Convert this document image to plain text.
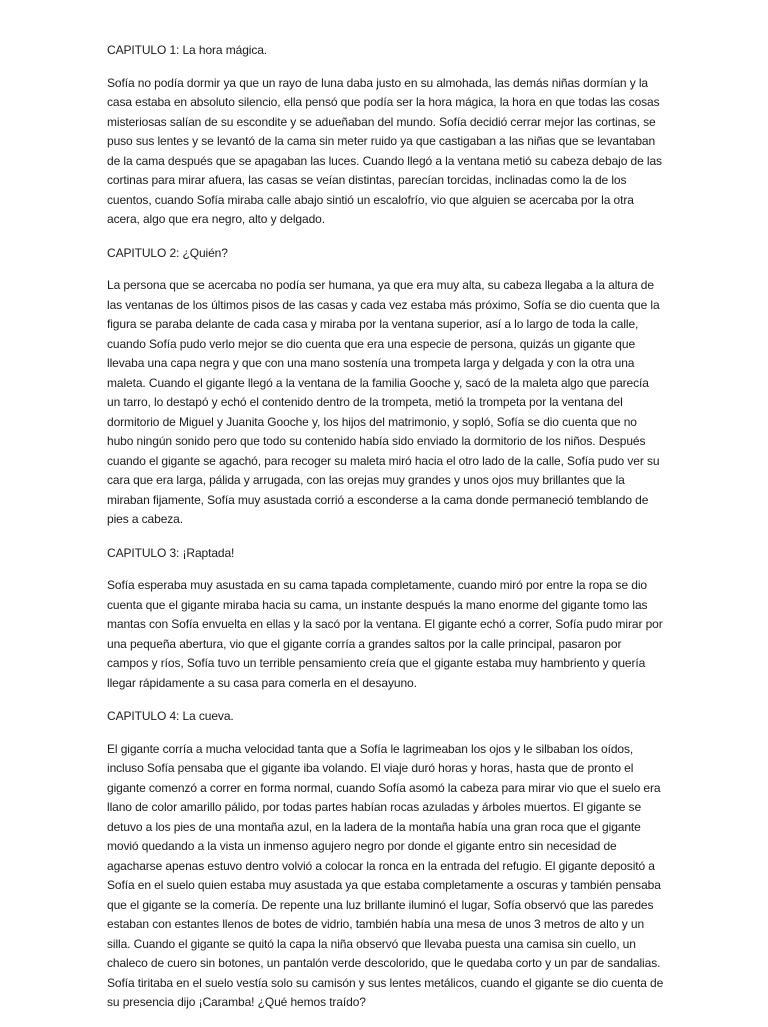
CAPITULO 1: La hora mágica.

Sofía no podía dormir ya que un rayo de luna daba justo en su almohada, las demás niñas dormían y la casa estaba en absoluto silencio, ella pensó que podía ser la hora mágica, la hora en que todas las cosas misteriosas salían de su escondite y se adueñaban del mundo. Sofía decidió cerrar mejor las cortinas, se puso sus lentes y se levantó de la cama sin meter ruido ya que castigaban a las niñas que se levantaban de la cama después que se apagaban las luces. Cuando llegó a la ventana metió su cabeza debajo de las cortinas para mirar afuera, las casas se veían distintas, parecían torcidas, inclinadas como la de los cuentos, cuando Sofía miraba calle abajo sintió un escalofrío, vio que alguien se acercaba por la otra acera, algo que era negro, alto y delgado.

CAPITULO 2: ¿Quién?

La persona que se acercaba no podía ser humana, ya que era muy alta, su cabeza llegaba a la altura de las ventanas de los últimos pisos de las casas y cada vez estaba más próximo, Sofía se dio cuenta que la figura se paraba delante de cada casa y miraba por la ventana superior, así a lo largo de toda la calle, cuando Sofía pudo verlo mejor se dio cuenta que era una especie de persona, quizás un gigante que llevaba una capa negra y que con una mano sostenía una trompeta larga y delgada y con la otra una maleta. Cuando el gigante llegó a la ventana de la familia Gooche y, sacó de la maleta algo que parecía un tarro, lo destapó y echó el contenido dentro de la trompeta, metió la trompeta por la ventana del dormitorio de Miguel y Juanita Gooche y, los hijos del matrimonio, y sopló, Sofía se dio cuenta que no hubo ningún sonido pero que todo su contenido había sido enviado la dormitorio de los niños. Después cuando el gigante se agachó, para recoger su maleta miró hacia el otro lado de la calle, Sofía pudo ver su cara que era larga, pálida y arrugada, con las orejas muy grandes y unos ojos muy brillantes que la miraban fijamente, Sofía muy asustada corrió a esconderse a la cama donde permaneció temblando de pies a cabeza.

CAPITULO 3: ¡Raptada!

Sofía esperaba muy asustada en su cama tapada completamente, cuando miró por entre la ropa se dio cuenta que el gigante miraba hacia su cama, un instante después la mano enorme del gigante tomo las mantas con Sofía envuelta en ellas y la sacó por la ventana. El gigante echó a correr, Sofía pudo mirar por una pequeña abertura, vio que el gigante corría a grandes saltos por la calle principal, pasaron por campos y ríos, Sofía tuvo un terrible pensamiento creía que el gigante estaba muy hambriento y quería llegar rápidamente a su casa para comerla en el desayuno.

CAPITULO 4: La cueva.

El gigante corría a mucha velocidad tanta que a Sofía le lagrimeaban los ojos y le silbaban los oídos, incluso Sofía pensaba que el gigante iba volando. El viaje duró horas y horas, hasta que de pronto el gigante comenzó a correr en forma normal, cuando Sofía asomó la cabeza para mirar vio que el suelo era llano de color amarillo pálido, por todas partes habían rocas azuladas y árboles muertos. El gigante se detuvo a los pies de una montaña azul, en la ladera de la montaña había una gran roca que el gigante movió quedando a la vista un inmenso agujero negro por donde el gigante entro sin necesidad de agacharse apenas estuvo dentro volvió a colocar la ronca en la entrada del refugio. El gigante depositó a Sofía en el suelo quien estaba muy asustada ya que estaba completamente a oscuras y también pensaba que el gigante se la comería. De repente una luz brillante iluminó el lugar, Sofía observó que las paredes estaban con estantes llenos de botes de vidrio, también había una mesa de unos 3 metros de alto y un silla. Cuando el gigante se quitó la capa la niña observó que llevaba puesta una camisa sin cuello, un chaleco de cuero sin botones, un pantalón verde descolorido, que le quedaba corto y un par de sandalias. Sofía tiritaba en el suelo vestía solo su camisón y sus lentes metálicos, cuando el gigante se dio cuenta de su presencia dijo ¡Caramba! ¿Qué hemos traído?
